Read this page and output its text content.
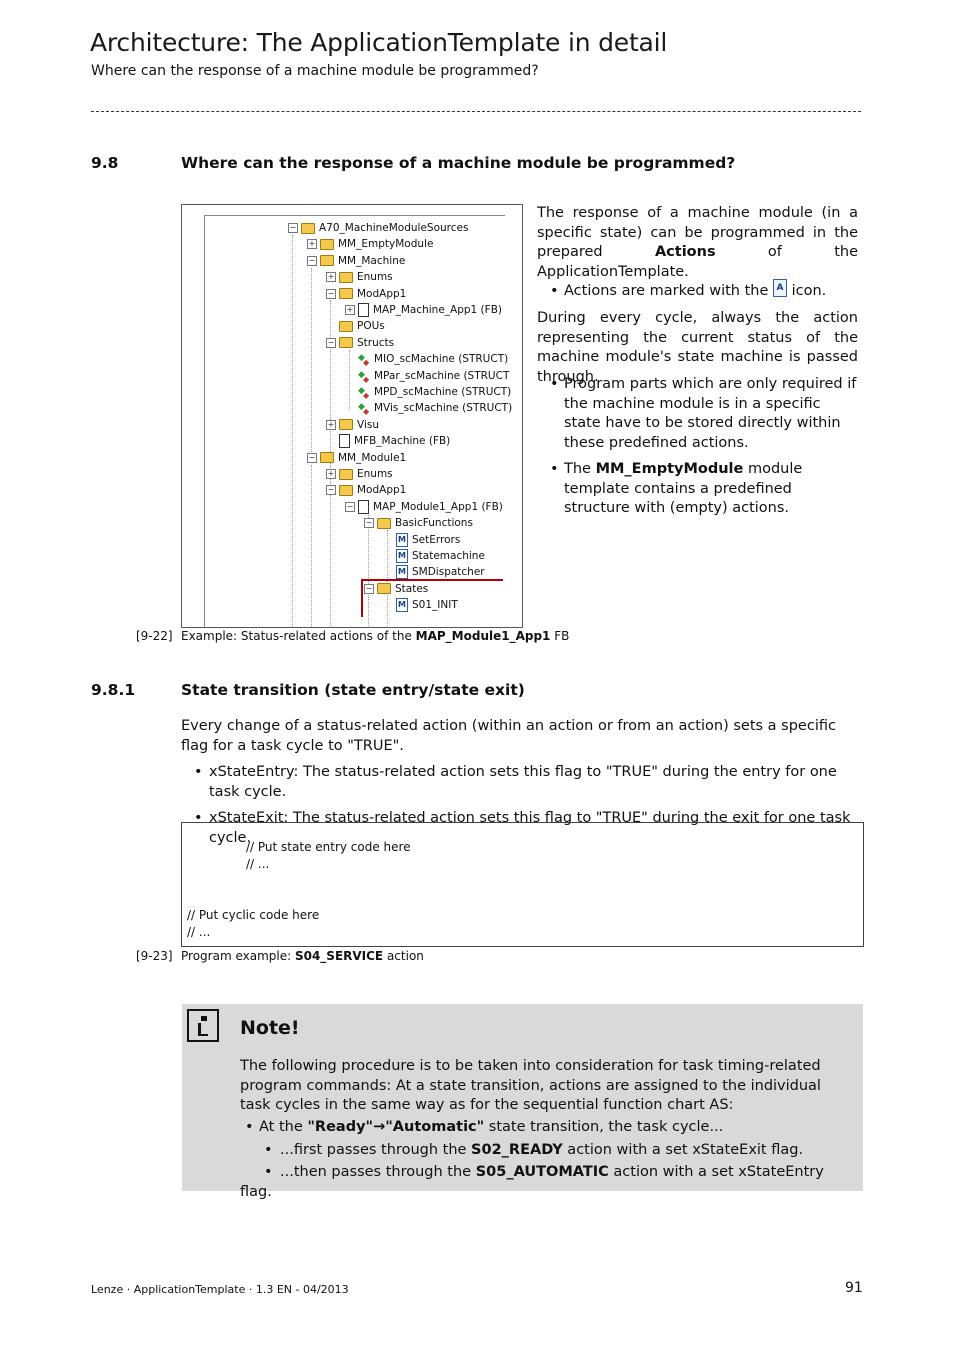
Architecture: The ApplicationTemplate in detail
Where can the response of a machine module be programmed?
9.8	Where can the response of a machine module be programmed?
− A70_MachineModuleSources
+ MM_EmptyModule
− MM_Machine
+ Enums
− ModApp1
+ MAP_Machine_App1 (FB)
POUs
− Structs
◆ ◆MIO_scMachine (STRUCT)
◆ ◆MPar_scMachine (STRUCT
◆ ◆MPD_scMachine (STRUCT)
◆ ◆MVis_scMachine (STRUCT)
+ Visu
MFB_Machine (FB)
− MM_Module1
+ Enums
− ModApp1
− MAP_Module1_App1 (FB)
− BasicFunctions
MSetErrors
MStatemachine
MSMDispatcher
− States
MS01_INIT
The response of a machine module (in a specific state) can be programmed in the prepared Actions of the ApplicationTemplate.
• Actions are marked with the A icon.
During every cycle, always the action representing the current status of the machine module's state machine is passed through.
• Program parts which are only required if the machine module is in a specific state have to be stored directly within these predefined actions.
• The MM_EmptyModule module template contains a predefined structure with (empty) actions.
[9-22] Example: Status-related actions of the MAP_Module1_App1 FB
9.8.1	State transition (state entry/state exit)
Every change of a status-related action (within an action or from an action) sets a specific flag for a task cycle to "TRUE".
• xStateEntry: The status-related action sets this flag to "TRUE" during the entry for one task cycle.
• xStateExit: The status-related action sets this flag to "TRUE" during the exit for one task cycle.
// Put state entry code here
// ...
// Put cyclic code here
// ...
[9-23] Program example: S04_SERVICE action
Note!
The following procedure is to be taken into consideration for task timing-related program commands: At a state transition, actions are assigned to the individual task cycles in the same way as for the sequential function chart AS:
• At the "Ready"→"Automatic" state transition, the task cycle...
• ...first passes through the S02_READY action with a set xStateExit flag.
• ...then passes through the S05_AUTOMATIC action with a set xStateEntry flag.
Lenze · ApplicationTemplate · 1.3 EN - 04/2013	91
